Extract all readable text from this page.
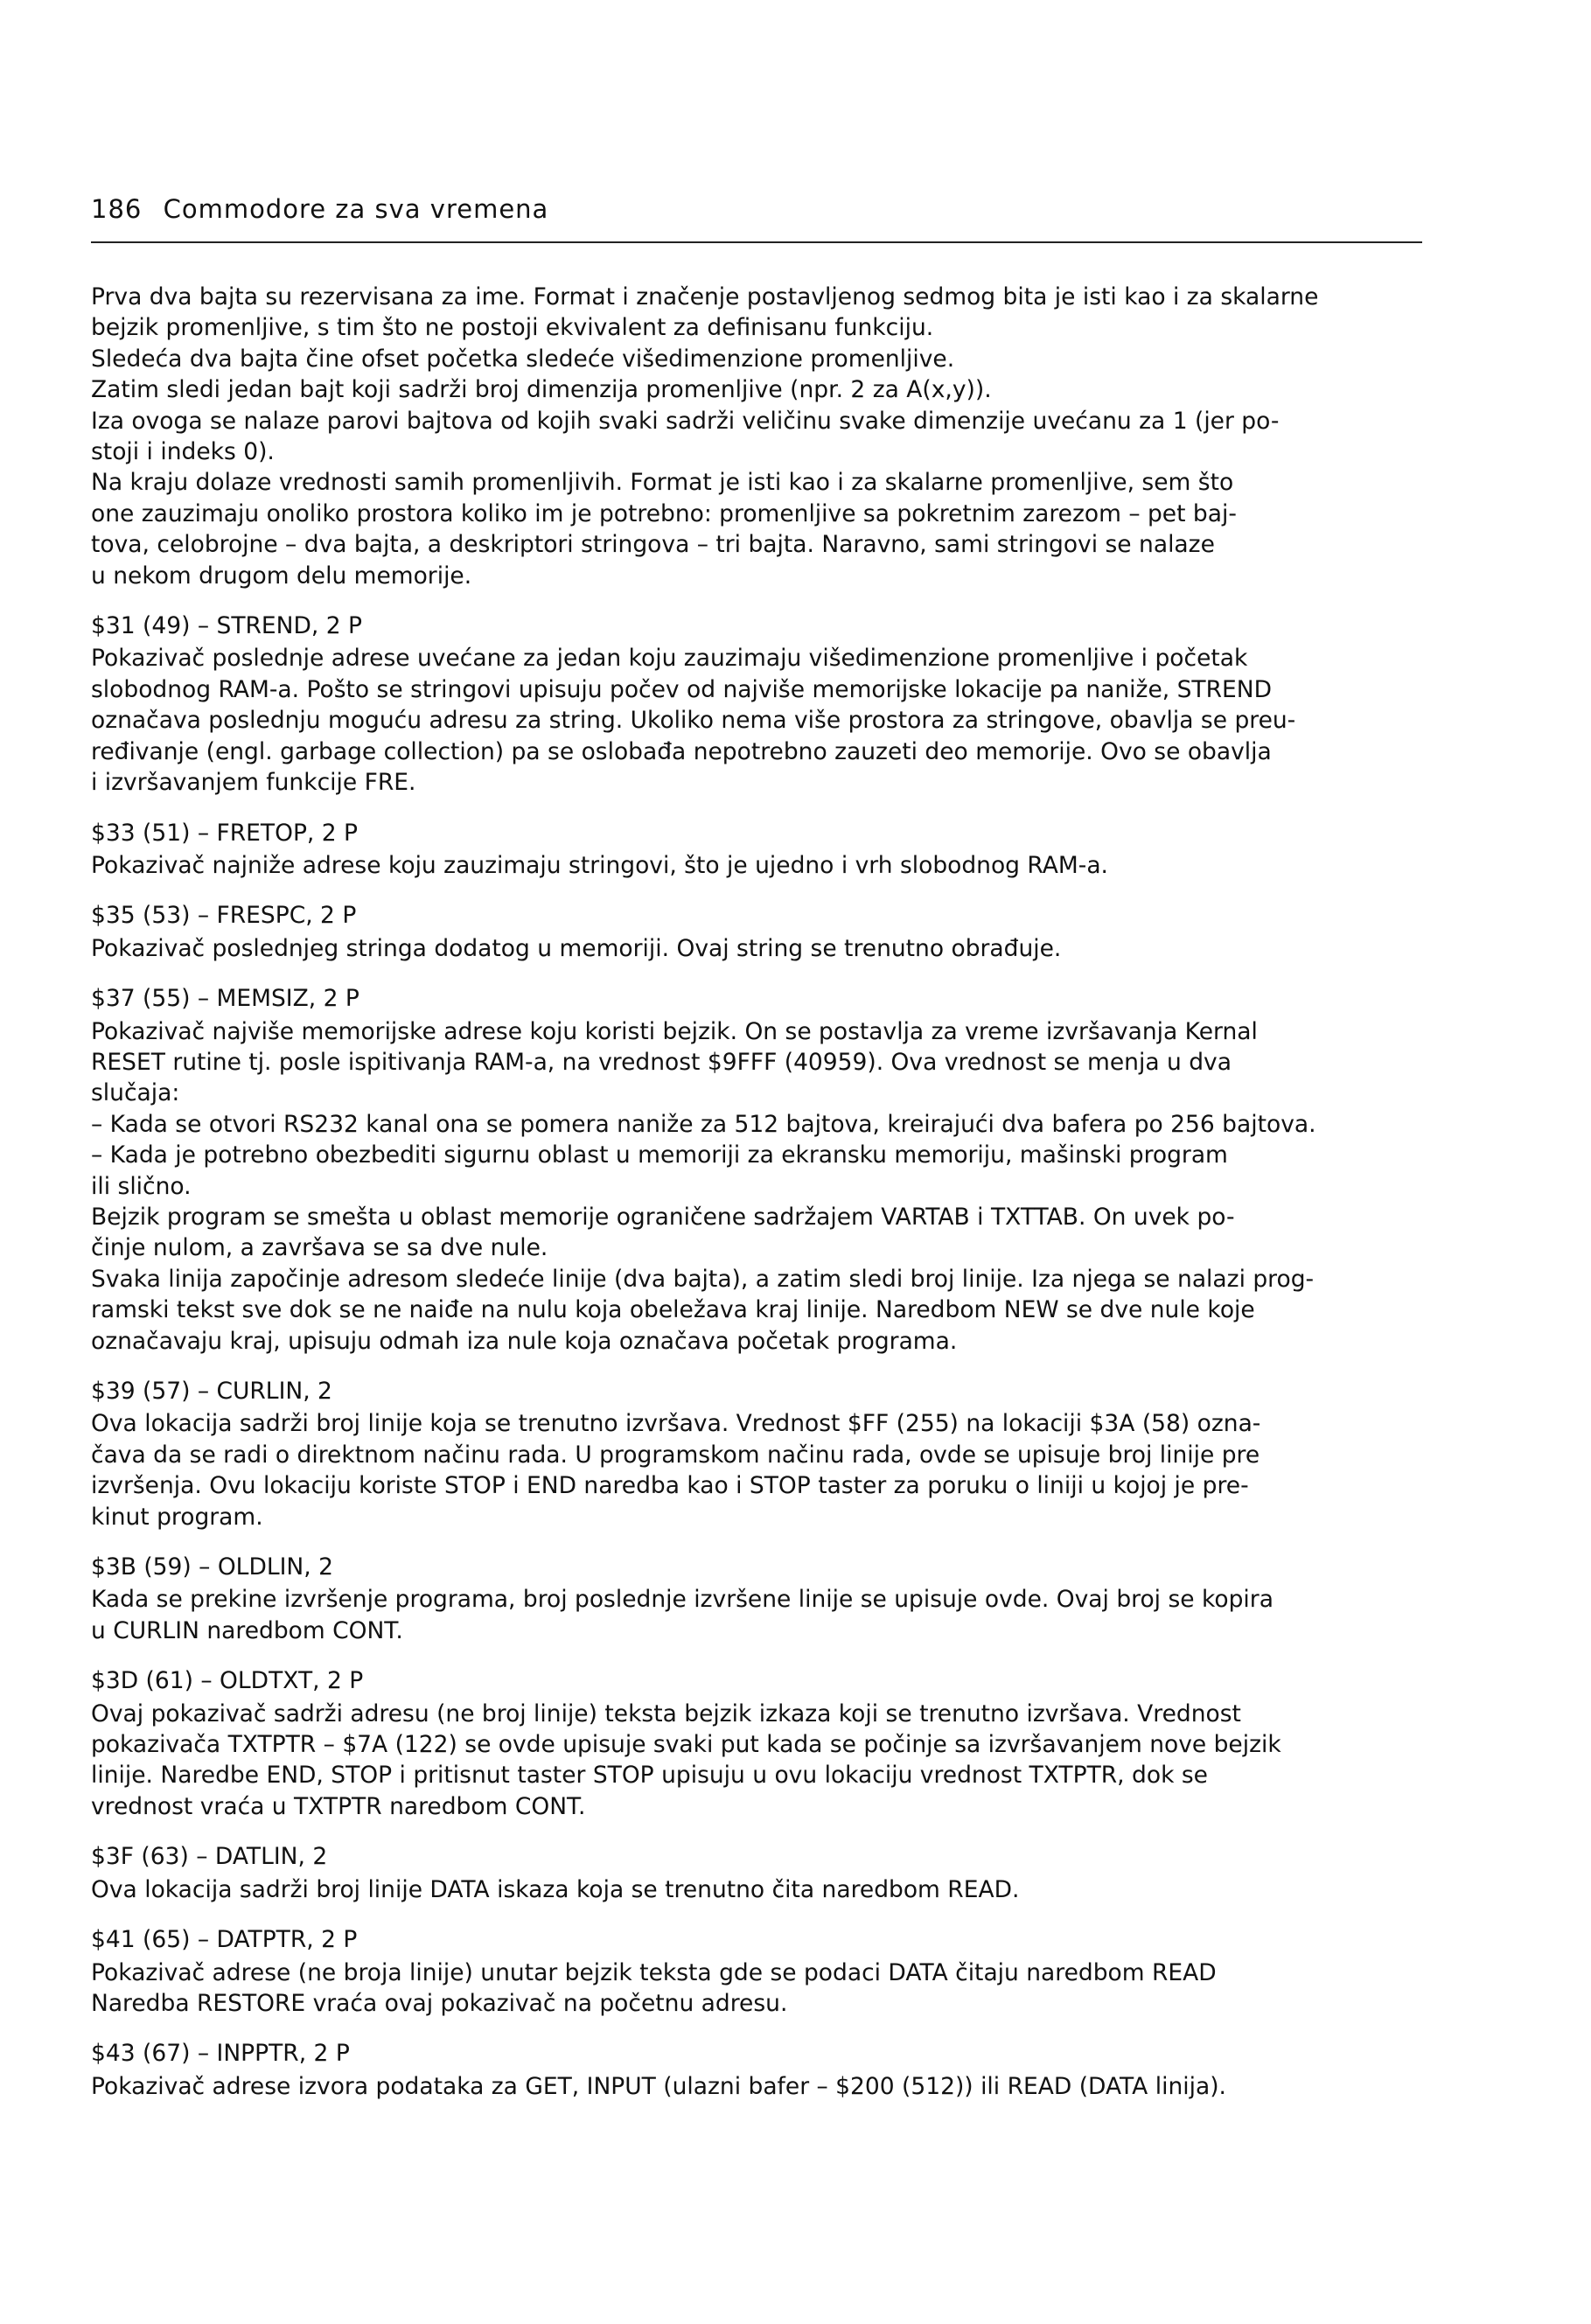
186 Commodore za sva vremena

Prva dva bajta su rezervisana za ime. Format i značenje postavljenog sedmog bita je isti kao i za skalarne

bejzik promenljive, s tim što ne postoji ekvivalent za definisanu funkciju.

Sledeća dva bajta čine ofset početka sledeće višedimenzione promenljive.

Zatim sledi jedan bajt koji sadrži broj dimenzija promenljive (npr. 2 za A(x,y)).

Iza ovoga se nalaze parovi bajtova od kojih svaki sadrži veličinu svake dimenzije uvećanu za 1 (jer po-

stoji i indeks 0).

Na kraju dolaze vrednosti samih promenljivih. Format je isti kao i za skalarne promenljive, sem što

one zauzimaju onoliko prostora koliko im je potrebno: promenljive sa pokretnim zarezom – pet baj-

tova, celobrojne – dva bajta, a deskriptori stringova – tri bajta. Naravno, sami stringovi se nalaze

u nekom drugom delu memorije.

$31 (49) – STREND, 2 P

Pokazivač poslednje adrese uvećane za jedan koju zauzimaju višedimenzione promenljive i početak

slobodnog RAM-a. Pošto se stringovi upisuju počev od najviše memorijske lokacije pa naniže, STREND

označava poslednju moguću adresu za string. Ukoliko nema više prostora za stringove, obavlja se preu-

ređivanje (engl. garbage collection) pa se oslobađa nepotrebno zauzeti deo memorije. Ovo se obavlja

i izvršavanjem funkcije FRE.

$33 (51) – FRETOP, 2 P

Pokazivač najniže adrese koju zauzimaju stringovi, što je ujedno i vrh slobodnog RAM-a.

$35 (53) – FRESPC, 2 P

Pokazivač poslednjeg stringa dodatog u memoriji. Ovaj string se trenutno obrađuje.

$37 (55) – MEMSIZ, 2 P

Pokazivač najviše memorijske adrese koju koristi bejzik. On se postavlja za vreme izvršavanja Kernal

RESET rutine tj. posle ispitivanja RAM-a, na vrednost $9FFF (40959). Ova vrednost se menja u dva

slučaja:

– Kada se otvori RS232 kanal ona se pomera naniže za 512 bajtova, kreirajući dva bafera po 256 bajtova.

– Kada je potrebno obezbediti sigurnu oblast u memoriji za ekransku memoriju, mašinski program

ili slično.

Bejzik program se smešta u oblast memorije ograničene sadržajem VARTAB i TXTTAB. On uvek po-

činje nulom, a završava se sa dve nule.

Svaka linija započinje adresom sledeće linije (dva bajta), a zatim sledi broj linije. Iza njega se nalazi prog-

ramski tekst sve dok se ne naiđe na nulu koja obeležava kraj linije. Naredbom NEW se dve nule koje

označavaju kraj, upisuju odmah iza nule koja označava početak programa.

$39 (57) – CURLIN, 2

Ova lokacija sadrži broj linije koja se trenutno izvršava. Vrednost $FF (255) na lokaciji $3A (58) ozna-

čava da se radi o direktnom načinu rada. U programskom načinu rada, ovde se upisuje broj linije pre

izvršenja. Ovu lokaciju koriste STOP i END naredba kao i STOP taster za poruku o liniji u kojoj je pre-

kinut program.

$3B (59) – OLDLIN, 2

Kada se prekine izvršenje programa, broj poslednje izvršene linije se upisuje ovde. Ovaj broj se kopira

u CURLIN naredbom CONT.

$3D (61) – OLDTXT, 2 P

Ovaj pokazivač sadrži adresu (ne broj linije) teksta bejzik izkaza koji se trenutno izvršava. Vrednost

pokazivača TXTPTR – $7A (122) se ovde upisuje svaki put kada se počinje sa izvršavanjem nove bejzik

linije. Naredbe END, STOP i pritisnut taster STOP upisuju u ovu lokaciju vrednost TXTPTR, dok se

vrednost vraća u TXTPTR naredbom CONT.

$3F (63) – DATLIN, 2

Ova lokacija sadrži broj linije DATA iskaza koja se trenutno čita naredbom READ.

$41 (65) – DATPTR, 2 P

Pokazivač adrese (ne broja linije) unutar bejzik teksta gde se podaci DATA čitaju naredbom READ

Naredba RESTORE vraća ovaj pokazivač na početnu adresu.

$43 (67) – INPPTR, 2 P

Pokazivač adrese izvora podataka za GET, INPUT (ulazni bafer – $200 (512)) ili READ (DATA linija).
